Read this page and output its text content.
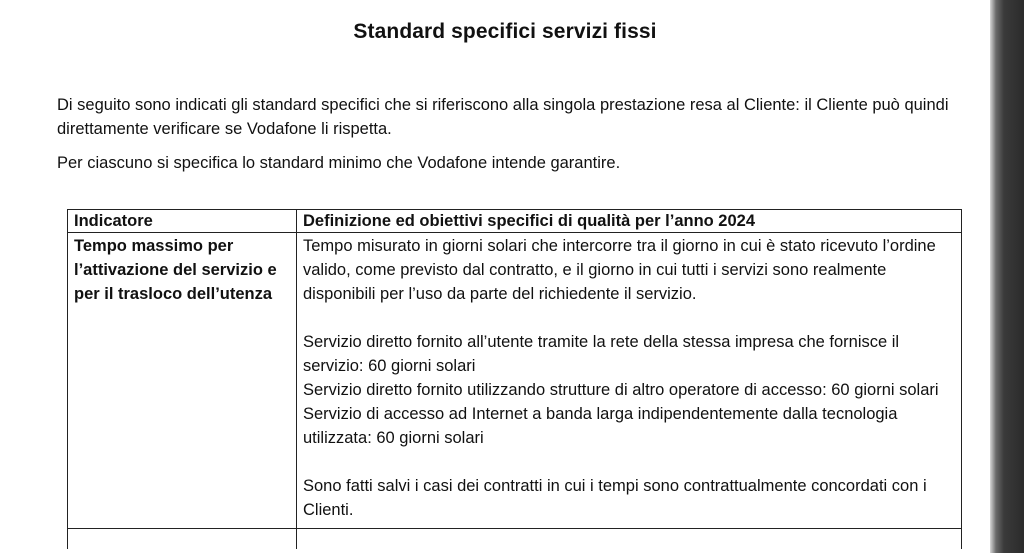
Standard specifici servizi fissi
Di seguito sono indicati gli standard specifici che si riferiscono alla singola prestazione resa al Cliente: il Cliente può quindi direttamente verificare se Vodafone li rispetta.
Per ciascuno si specifica lo standard minimo che Vodafone intende garantire.
Indicatore	Definizione ed obiettivi specifici di qualità per l’anno 2024
Tempo massimo per l’attivazione del servizio e per il trasloco dell’utenza	Tempo misurato in giorni solari che intercorre tra il giorno in cui è stato ricevuto l’ordine valido, come previsto dal contratto, e il giorno in cui tutti i servizi sono realmente disponibili per l’uso da parte del richiedente il servizio.

Servizio diretto fornito all’utente tramite la rete della stessa impresa che fornisce il servizio: 60 giorni solari

Servizio diretto fornito utilizzando strutture di altro operatore di accesso: 60 giorni solari

Servizio di accesso ad Internet a banda larga indipendentemente dalla tecnologia utilizzata: 60 giorni solari

Sono fatti salvi i casi dei contratti in cui i tempi sono contrattualmente concordati con i Clienti.
